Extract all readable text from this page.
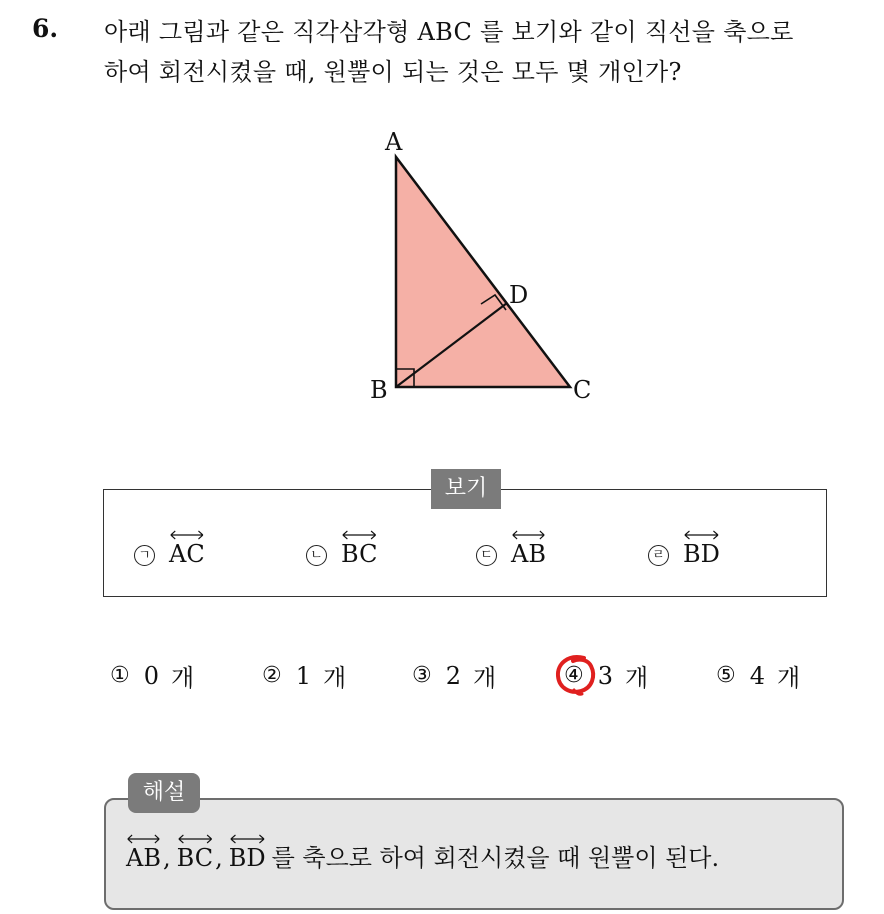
6. 아래 그림과 같은 직각삼각형 ABC 를 보기와 같이 직선을 축으로
하여 회전시켰을 때, 원뿔이 되는 것은 모두 몇 개인가?
A
B	C
D
보기
ㄱ AC	ㄴ BC	ㄷ AB	ㄹ BD
① 0 개	② 1 개	③ 2 개	④ 3 개	⑤ 4 개
해설
AB , BC , BD 를 축으로 하여 회전시켰을 때 원뿔이 된다.
